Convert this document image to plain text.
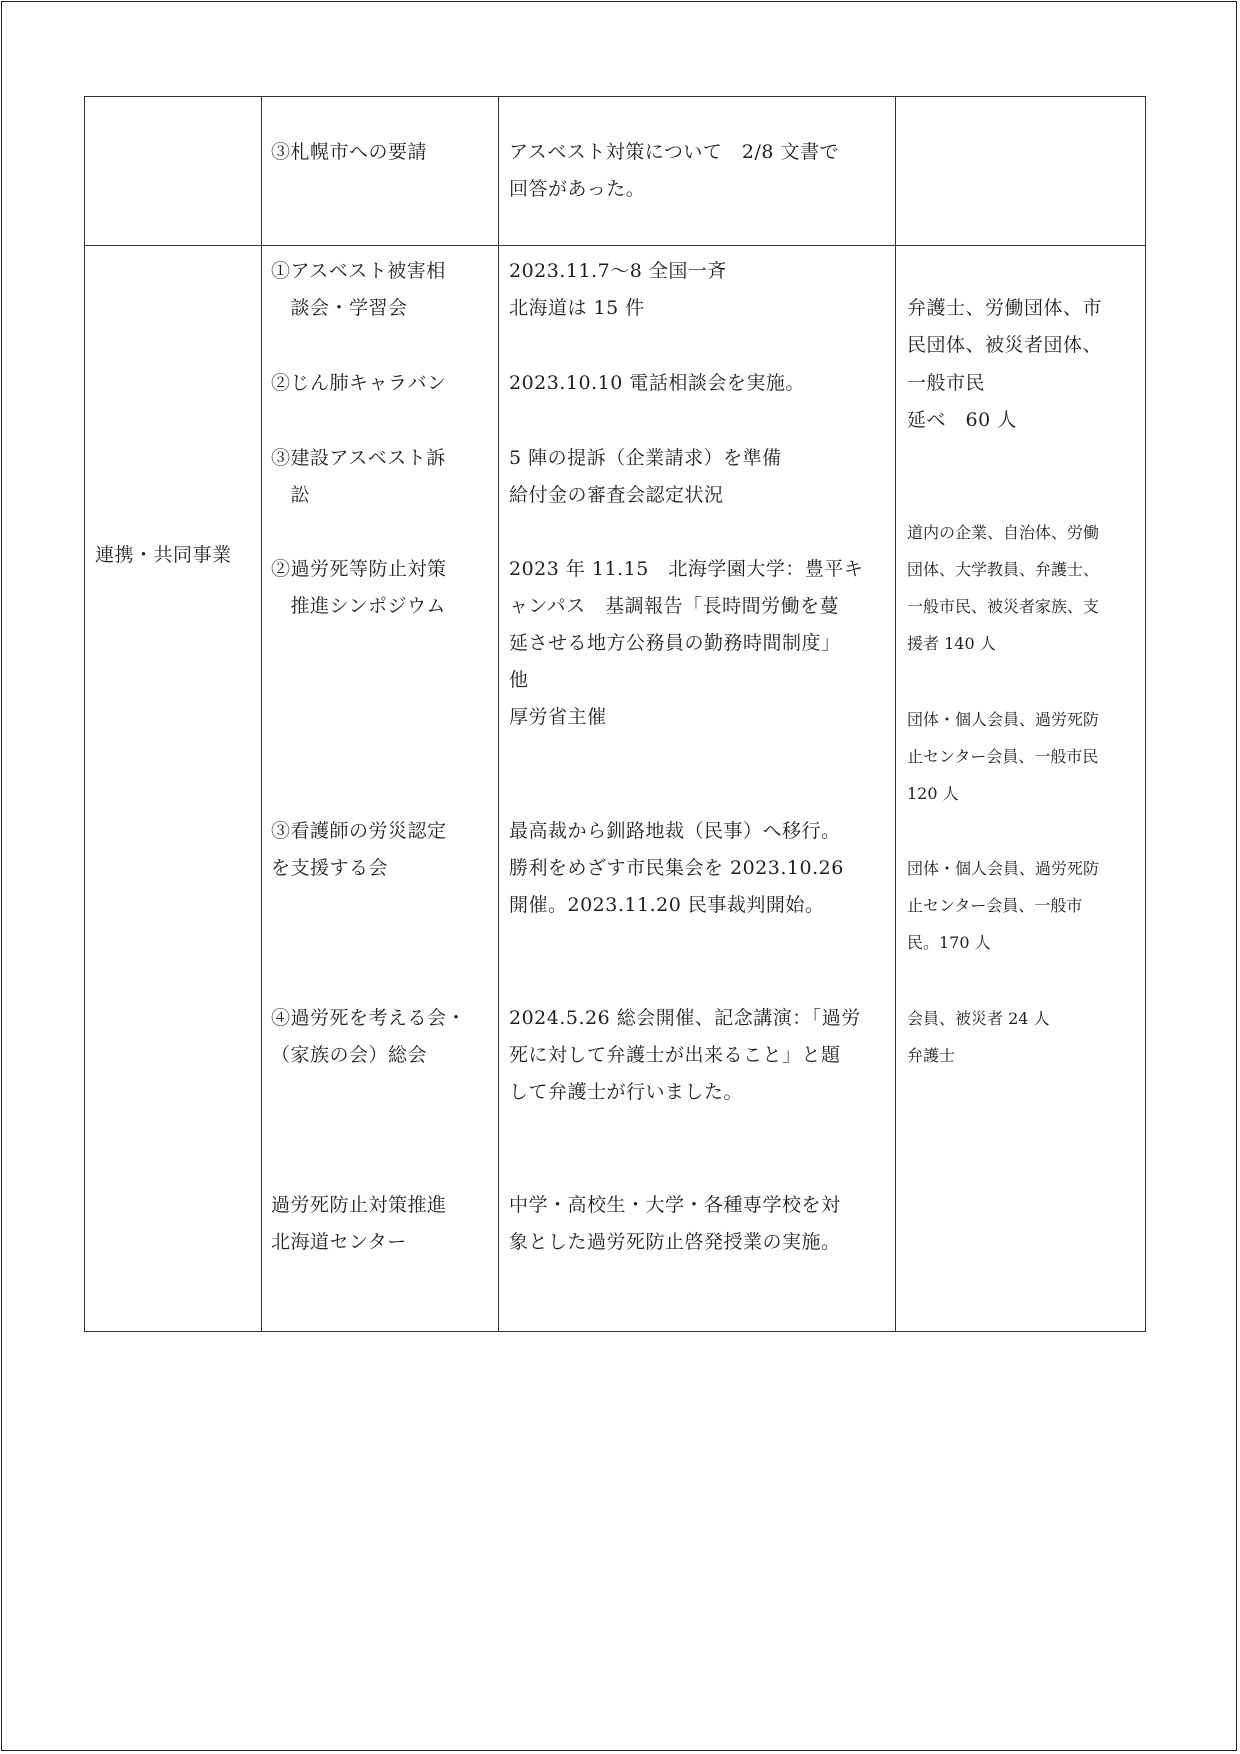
③札幌市への要請	アスベスト対策について　2/8 文書で
回答があった。
連携・共同事業
①アスベスト被害相
　談会・学習会
2023.11.7～8 全国一斉
北海道は 15 件
②じん肺キャラバン	2023.10.10 電話相談会を実施。
③建設アスベスト訴
　訟
5 陣の提訴（企業請求）を準備
給付金の審査会認定状況
②過労死等防止対策
　推進シンポジウム
2023 年 11.15　北海学園大学：豊平キ
ャンパス　基調報告「長時間労働を蔓
延させる地方公務員の勤務時間制度」
他
厚労省主催
③看護師の労災認定
を支援する会
最高裁から釧路地裁（民事）へ移行。
勝利をめざす市民集会を 2023.10.26
開催。2023.11.20 民事裁判開始。
④過労死を考える会・
（家族の会）総会
2024.5.26 総会開催、記念講演：「過労
死に対して弁護士が出来ること」と題
して弁護士が行いました。
過労死防止対策推進
北海道センター
中学・高校生・大学・各種専学校を対
象とした過労死防止啓発授業の実施。
弁護士、労働団体、市
民団体、被災者団体、
一般市民
延べ　60 人
道内の企業、自治体、労働
団体、大学教員、弁護士、
一般市民、被災者家族、支
援者 140 人
団体・個人会員、過労死防
止センター会員、一般市民
120 人
団体・個人会員、過労死防
止センター会員、一般市
民。170 人
会員、被災者 24 人
弁護士
